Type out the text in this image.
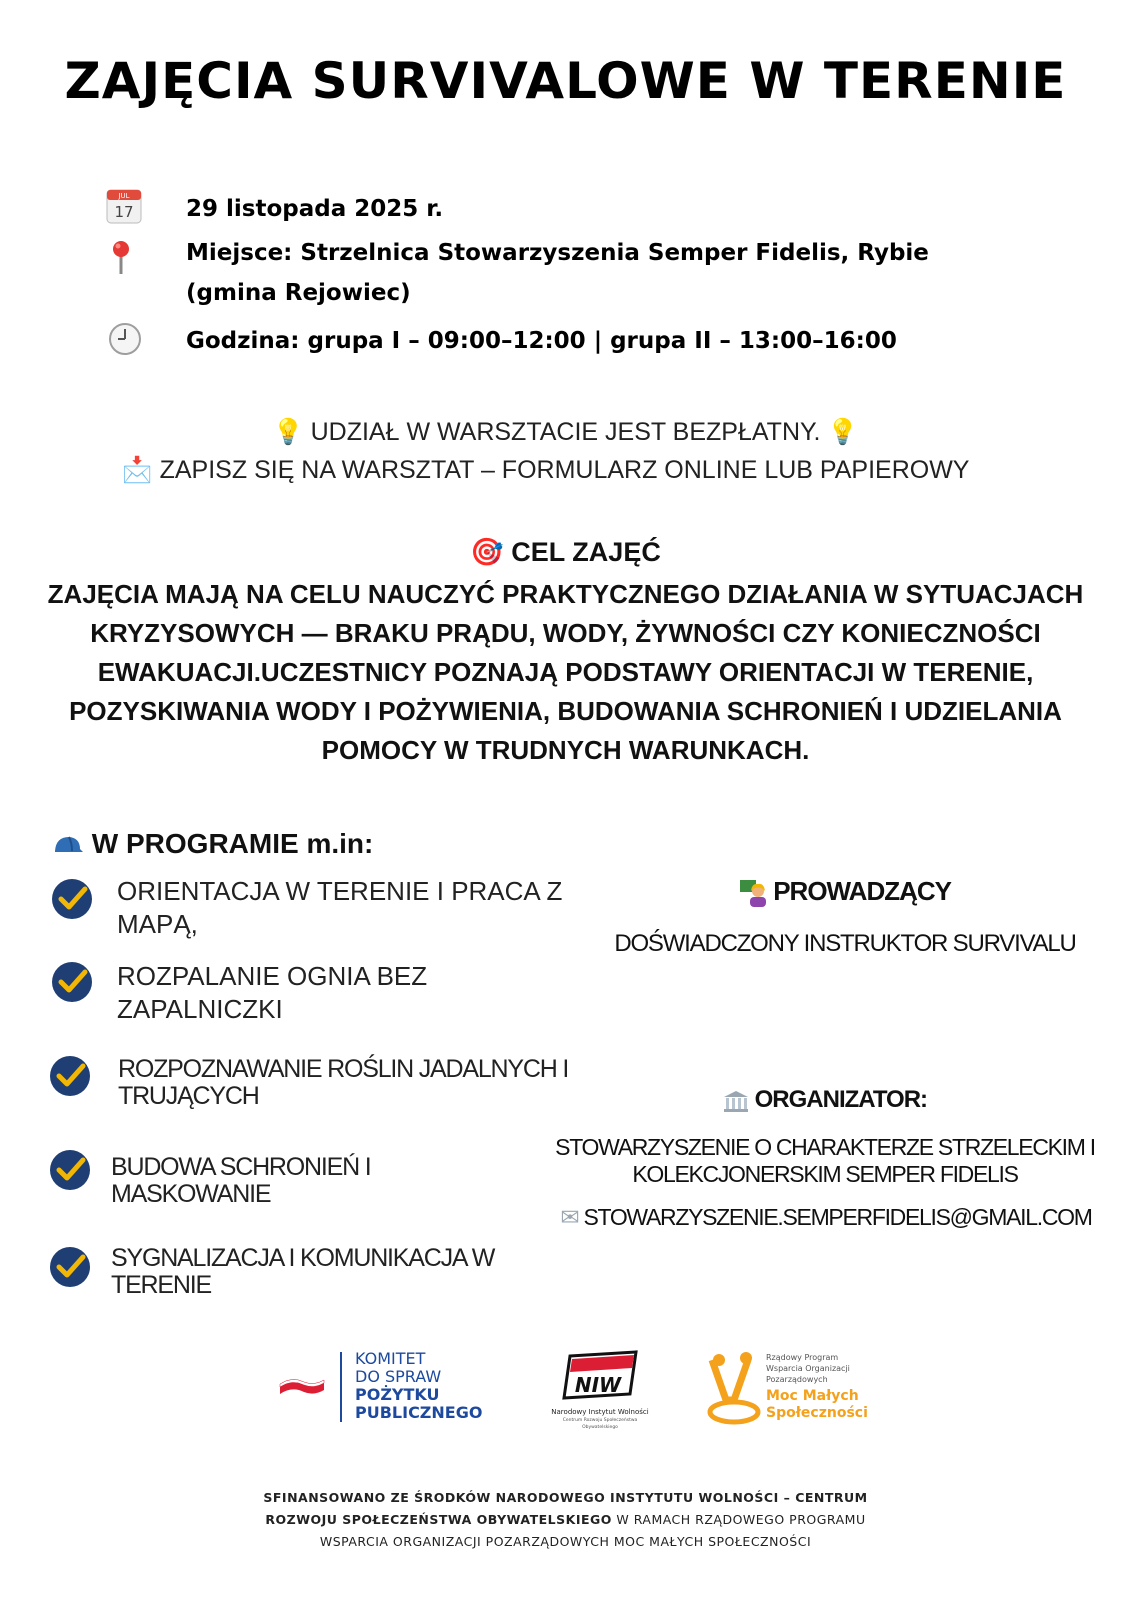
ZAJĘCIA SURVIVALOWE W TERENIE
JUL
17 29 listopada 2025 r.
Miejsce: Strzelnica Stowarzyszenia Semper Fidelis, Rybie
(gmina Rejowiec)
Godzina: grupa I – 09:00–12:00 | grupa II – 13:00–16:00
💡 UDZIAŁ W WARSZTACIE JEST BEZPŁATNY. 💡
📩 ZAPISZ SIĘ NA WARSZTAT – FORMULARZ ONLINE LUB PAPIEROWY
🎯 CEL ZAJĘĆ
ZAJĘCIA MAJĄ NA CELU NAUCZYĆ PRAKTYCZNEGO DZIAŁANIA W SYTUACJACH KRYZYSOWYCH — BRAKU PRĄDU, WODY, ŻYWNOŚCI CZY KONIECZNOŚCI EWAKUACJI.UCZESTNICY POZNAJĄ PODSTAWY ORIENTACJI W TERENIE, POZYSKIWANIA WODY I POŻYWIENIA, BUDOWANIA SCHRONIEŃ I UDZIELANIA POMOCY W TRUDNYCH WARUNKACH.
W PROGRAMIE m.in:
ORIENTACJA W TERENIE I PRACA Z MAPĄ,
ROZPALANIE OGNIA BEZ ZAPALNICZKI
ROZPOZNAWANIE ROŚLIN JADALNYCH I TRUJĄCYCH
BUDOWA SCHRONIEŃ I MASKOWANIE
SYGNALIZACJA I KOMUNIKACJA W TERENIE
PROWADZĄCY
DOŚWIADCZONY INSTRUKTOR SURVIVALU
ORGANIZATOR:
STOWARZYSZENIE O CHARAKTERZE STRZELECKIM I
KOLEKCJONERSKIM SEMPER FIDELIS
✉ STOWARZYSZENIE.SEMPERFIDELIS@GMAIL.COM
KOMITET
DO SPRAW
POŻYTKU
PUBLICZNEGO
NIW
Narodowy Instytut Wolności
Centrum Rozwoju Społeczeństwa Obywatelskiego
Rządowy Program
Wsparcia Organizacji
Pozarządowych
Moc Małych
Społeczności
SFINANSOWANO ZE ŚRODKÓW NARODOWEGO INSTYTUTU WOLNOŚCI – CENTRUM
ROZWOJU SPOŁECZEŃSTWA OBYWATELSKIEGO W RAMACH RZĄDOWEGO PROGRAMU
WSPARCIA ORGANIZACJI POZARZĄDOWYCH MOC MAŁYCH SPOŁECZNOŚCI
